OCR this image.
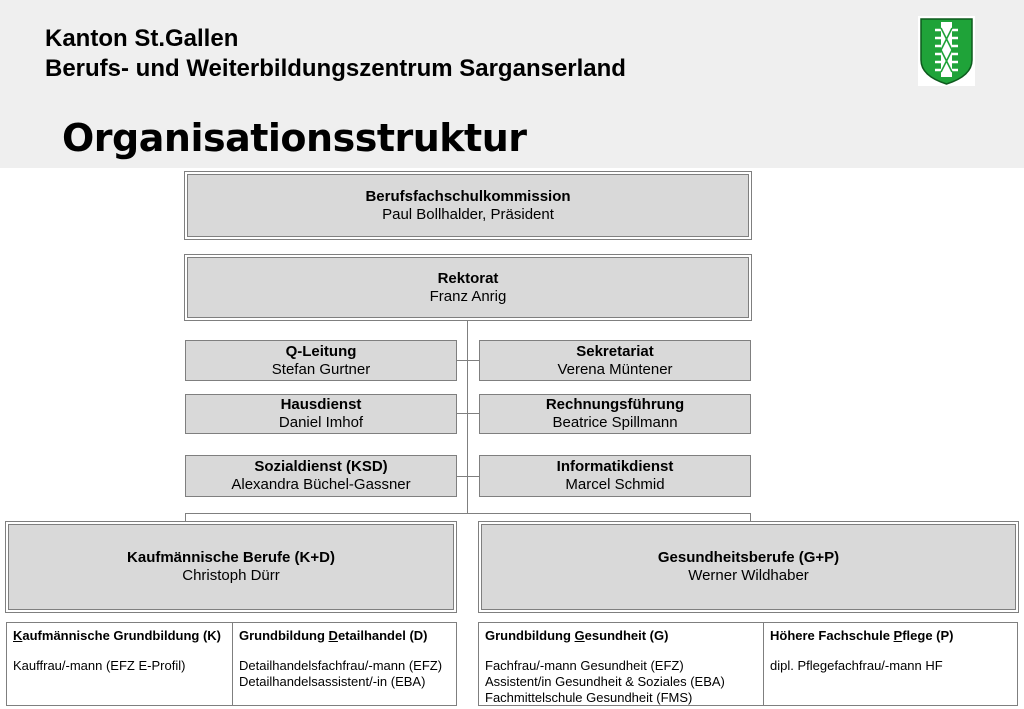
Kanton St.Gallen
Berufs- und Weiterbildungszentrum Sarganserland
Organisationsstruktur
Berufsfachschulkommission
Paul Bollhalder, Präsident
Rektorat
Franz Anrig
Q-Leitung
Stefan Gurtner
Sekretariat
Verena Müntener
Hausdienst
Daniel Imhof
Rechnungsführung
Beatrice Spillmann
Sozialdienst (KSD)
Alexandra Büchel-Gassner
Informatikdienst
Marcel Schmid
Kaufmännische Berufe (K+D)
Christoph Dürr
Gesundheitsberufe (G+P)
Werner Wildhaber
Kaufmännische Grundbildung (K)
Kauffrau/-mann (EFZ E-Profil)
Grundbildung Detailhandel (D)
Detailhandelsfachfrau/-mann (EFZ)
Detailhandelsassistent/-in (EBA)
Grundbildung Gesundheit (G)
Fachfrau/-mann Gesundheit (EFZ)
Assistent/in Gesundheit & Soziales (EBA)
Fachmittelschule Gesundheit (FMS)
Höhere Fachschule Pflege (P)
dipl. Pflegefachfrau/-mann HF
